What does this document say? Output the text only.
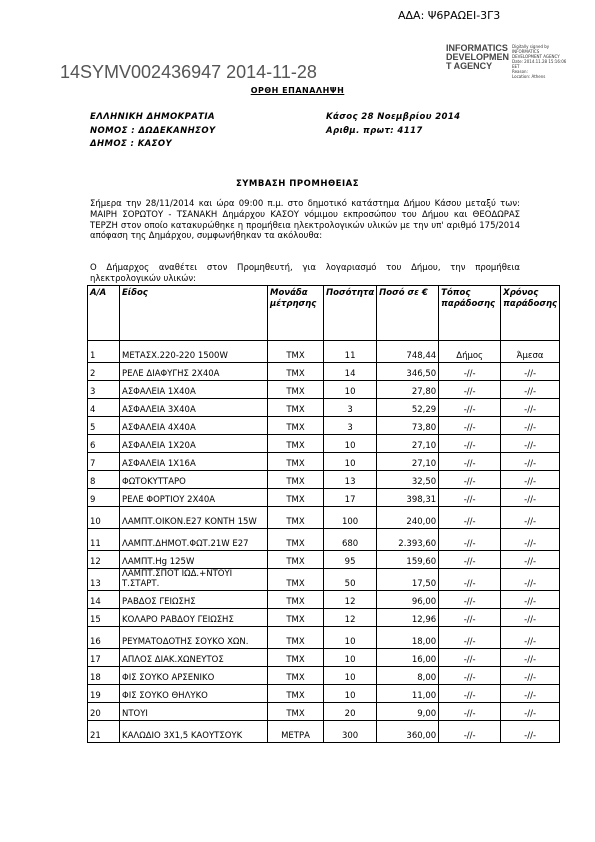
ΑΔΑ: Ψ6ΡΑΩΕΙ-3Γ3
14SYMV002436947 2014-11-28
INFORMATICS
DEVELOPMEN
T AGENCY
Digitally signed by
INFORMATICS
DEVELOPMENT AGENCY
Date: 2014.11.28 15:16:06
EET
Reason:
Location: Athens
ΟΡΘΗ ΕΠΑΝΑΛΗΨΗ
ΕΛΛΗΝΙΚΗ ΔΗΜΟΚΡΑΤΙΑ
ΝΟΜΟΣ : ΔΩΔΕΚΑΝΗΣΟΥ
ΔΗΜΟΣ : ΚΑΣΟΥ
Κάσος 28 Νοεμβρίου 2014
Αριθμ. πρωτ: 4117
ΣΥΜΒΑΣΗ ΠΡΟΜΗΘΕΙΑΣ
Σήμερα την 28/11/2014 και ώρα 09:00 π.μ. στο δημοτικό κατάστημα Δήμου Κάσου μεταξύ των: ΜΑΙΡΗ ΣΟΡΩΤΟΥ - ΤΣΑΝΑΚΗ Δημάρχου ΚΑΣΟΥ νόμιμου εκπροσώπου του Δήμου και ΘΕΟΔΩΡΑΣ ΤΕΡΖΗ στον οποίο κατακυρώθηκε η προμήθεια ηλεκτρολογικών υλικών με την υπ' αριθμό 175/2014 απόφαση της Δημάρχου, συμφωνήθηκαν τα ακόλουθα:
Ο Δήμαρχος αναθέτει στον Προμηθευτή, για λογαριασμό του Δήμου, την προμήθεια ηλεκτρολογικών υλικών:
Α/Α	Είδος	Μονάδα μέτρησης	Ποσότητα	Ποσό σε €	Τόπος παράδοσης	Χρόνος παράδοσης
1	ΜΕΤΑΣΧ.220-220 1500W	ΤΜΧ	11	748,44	Δήμος	Άμεσα
2	ΡΕΛΕ ΔΙΑΦΥΓΗΣ 2Χ40Α	ΤΜΧ	14	346,50	-//-	-//-
3	ΑΣΦΑΛΕΙΑ 1Χ40Α	ΤΜΧ	10	27,80	-//-	-//-
4	ΑΣΦΑΛΕΙΑ 3Χ40Α	ΤΜΧ	3	52,29	-//-	-//-
5	ΑΣΦΑΛΕΙΑ 4Χ40Α	ΤΜΧ	3	73,80	-//-	-//-
6	ΑΣΦΑΛΕΙΑ 1Χ20Α	ΤΜΧ	10	27,10	-//-	-//-
7	ΑΣΦΑΛΕΙΑ 1Χ16Α	ΤΜΧ	10	27,10	-//-	-//-
8	ΦΩΤΟΚΥΤΤΑΡΟ	ΤΜΧ	13	32,50	-//-	-//-
9	ΡΕΛΕ ΦΟΡΤΙΟΥ 2Χ40Α	ΤΜΧ	17	398,31	-//-	-//-
10	ΛΑΜΠΤ.ΟΙΚΟΝ.Ε27 ΚΟΝΤΗ 15W	ΤΜΧ	100	240,00	-//-	-//-
11	ΛΑΜΠΤ.ΔΗΜΟΤ.ΦΩΤ.21W Ε27	ΤΜΧ	680	2.393,60	-//-	-//-
12	ΛΑΜΠΤ.Hg 125W	ΤΜΧ	95	159,60	-//-	-//-
13	ΛΑΜΠΤ.ΣΠΟΤ ΙΩΔ.+ΝΤΟΥΙ Τ.ΣΤΑΡΤ.	ΤΜΧ	50	17,50	-//-	-//-
14	ΡΑΒΔΟΣ ΓΕΙΩΣΗΣ	ΤΜΧ	12	96,00	-//-	-//-
15	ΚΟΛΑΡΟ ΡΑΒΔΟΥ ΓΕΙΩΣΗΣ	ΤΜΧ	12	12,96	-//-	-//-
16	ΡΕΥΜΑΤΟΔΟΤΗΣ ΣΟΥΚΟ ΧΩΝ.	ΤΜΧ	10	18,00	-//-	-//-
17	ΑΠΛΟΣ ΔΙΑΚ.ΧΩΝΕΥΤΟΣ	ΤΜΧ	10	16,00	-//-	-//-
18	ΦΙΣ ΣΟΥΚΟ ΑΡΣΕΝΙΚΟ	ΤΜΧ	10	8,00	-//-	-//-
19	ΦΙΣ ΣΟΥΚΟ ΘΗΛΥΚΟ	ΤΜΧ	10	11,00	-//-	-//-
20	ΝΤΟΥΙ	ΤΜΧ	20	9,00	-//-	-//-
21	ΚΑΛΩΔΙΟ 3Χ1,5 ΚΑΟΥΤΣΟΥΚ	ΜΕΤΡΑ	300	360,00	-//-	-//-
